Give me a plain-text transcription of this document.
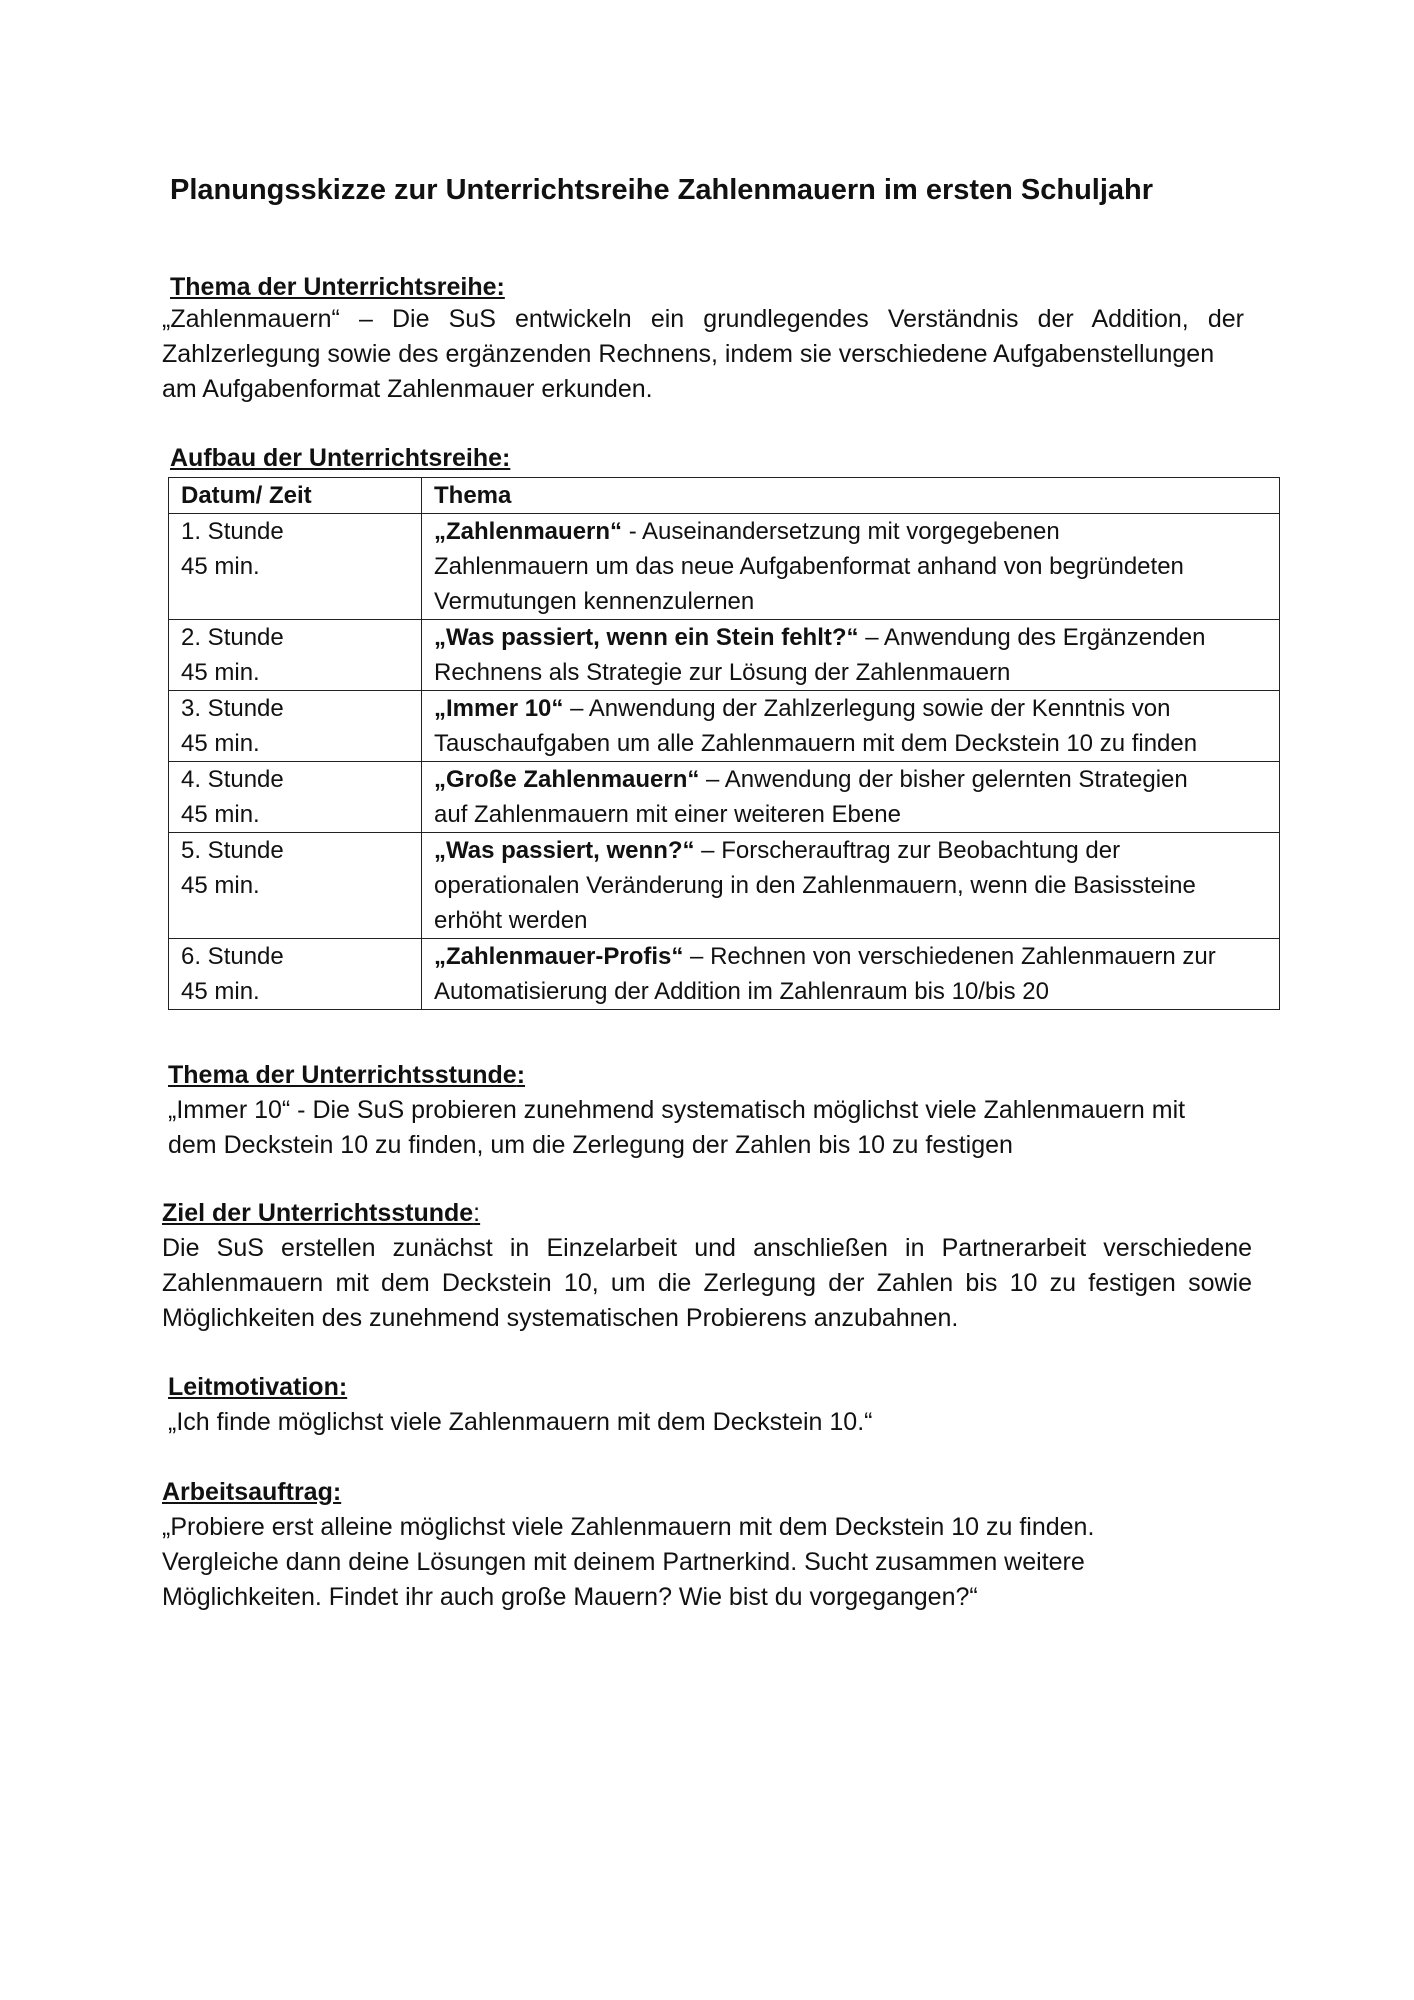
Planungsskizze zur Unterrichtsreihe Zahlenmauern im ersten Schuljahr
Thema der Unterrichtsreihe:
„Zahlenmauern“ – Die SuS entwickeln ein grundlegendes Verständnis der Addition, der
Zahlzerlegung sowie des ergänzenden Rechnens, indem sie verschiedene Aufgabenstellungen
am Aufgabenformat Zahlenmauer erkunden.
Aufbau der Unterrichtsreihe:
Datum/ Zeit	Thema

1. Stunde
45 min.	„Zahlenmauern“ - Auseinandersetzung mit vorgegebenen
Zahlenmauern um das neue Aufgabenformat anhand von begründeten
Vermutungen kennenzulernen

2. Stunde
45 min.	„Was passiert, wenn ein Stein fehlt?“ – Anwendung des Ergänzenden
Rechnens als Strategie zur Lösung der Zahlenmauern

3. Stunde
45 min.	„Immer 10“ – Anwendung der Zahlzerlegung sowie der Kenntnis von
Tauschaufgaben um alle Zahlenmauern mit dem Deckstein 10 zu finden

4. Stunde
45 min.	„Große Zahlenmauern“ – Anwendung der bisher gelernten Strategien
auf Zahlenmauern mit einer weiteren Ebene

5. Stunde
45 min.	„Was passiert, wenn?“ – Forscherauftrag zur Beobachtung der
operationalen Veränderung in den Zahlenmauern, wenn die Basissteine
erhöht werden

6. Stunde
45 min.	„Zahlenmauer-Profis“ – Rechnen von verschiedenen Zahlenmauern zur
Automatisierung der Addition im Zahlenraum bis 10/bis 20
Thema der Unterrichtsstunde:
„Immer 10“ - Die SuS probieren zunehmend systematisch möglichst viele Zahlenmauern mit
dem Deckstein 10 zu finden, um die Zerlegung der Zahlen bis 10 zu festigen
Ziel der Unterrichtsstunde:
Die SuS erstellen zunächst in Einzelarbeit und anschließen in Partnerarbeit verschiedene
Zahlenmauern mit dem Deckstein 10, um die Zerlegung der Zahlen bis 10 zu festigen sowie
Möglichkeiten des zunehmend systematischen Probierens anzubahnen.
Leitmotivation:
„Ich finde möglichst viele Zahlenmauern mit dem Deckstein 10.“
Arbeitsauftrag:
„Probiere erst alleine möglichst viele Zahlenmauern mit dem Deckstein 10 zu finden.
Vergleiche dann deine Lösungen mit deinem Partnerkind. Sucht zusammen weitere
Möglichkeiten. Findet ihr auch große Mauern? Wie bist du vorgegangen?“
